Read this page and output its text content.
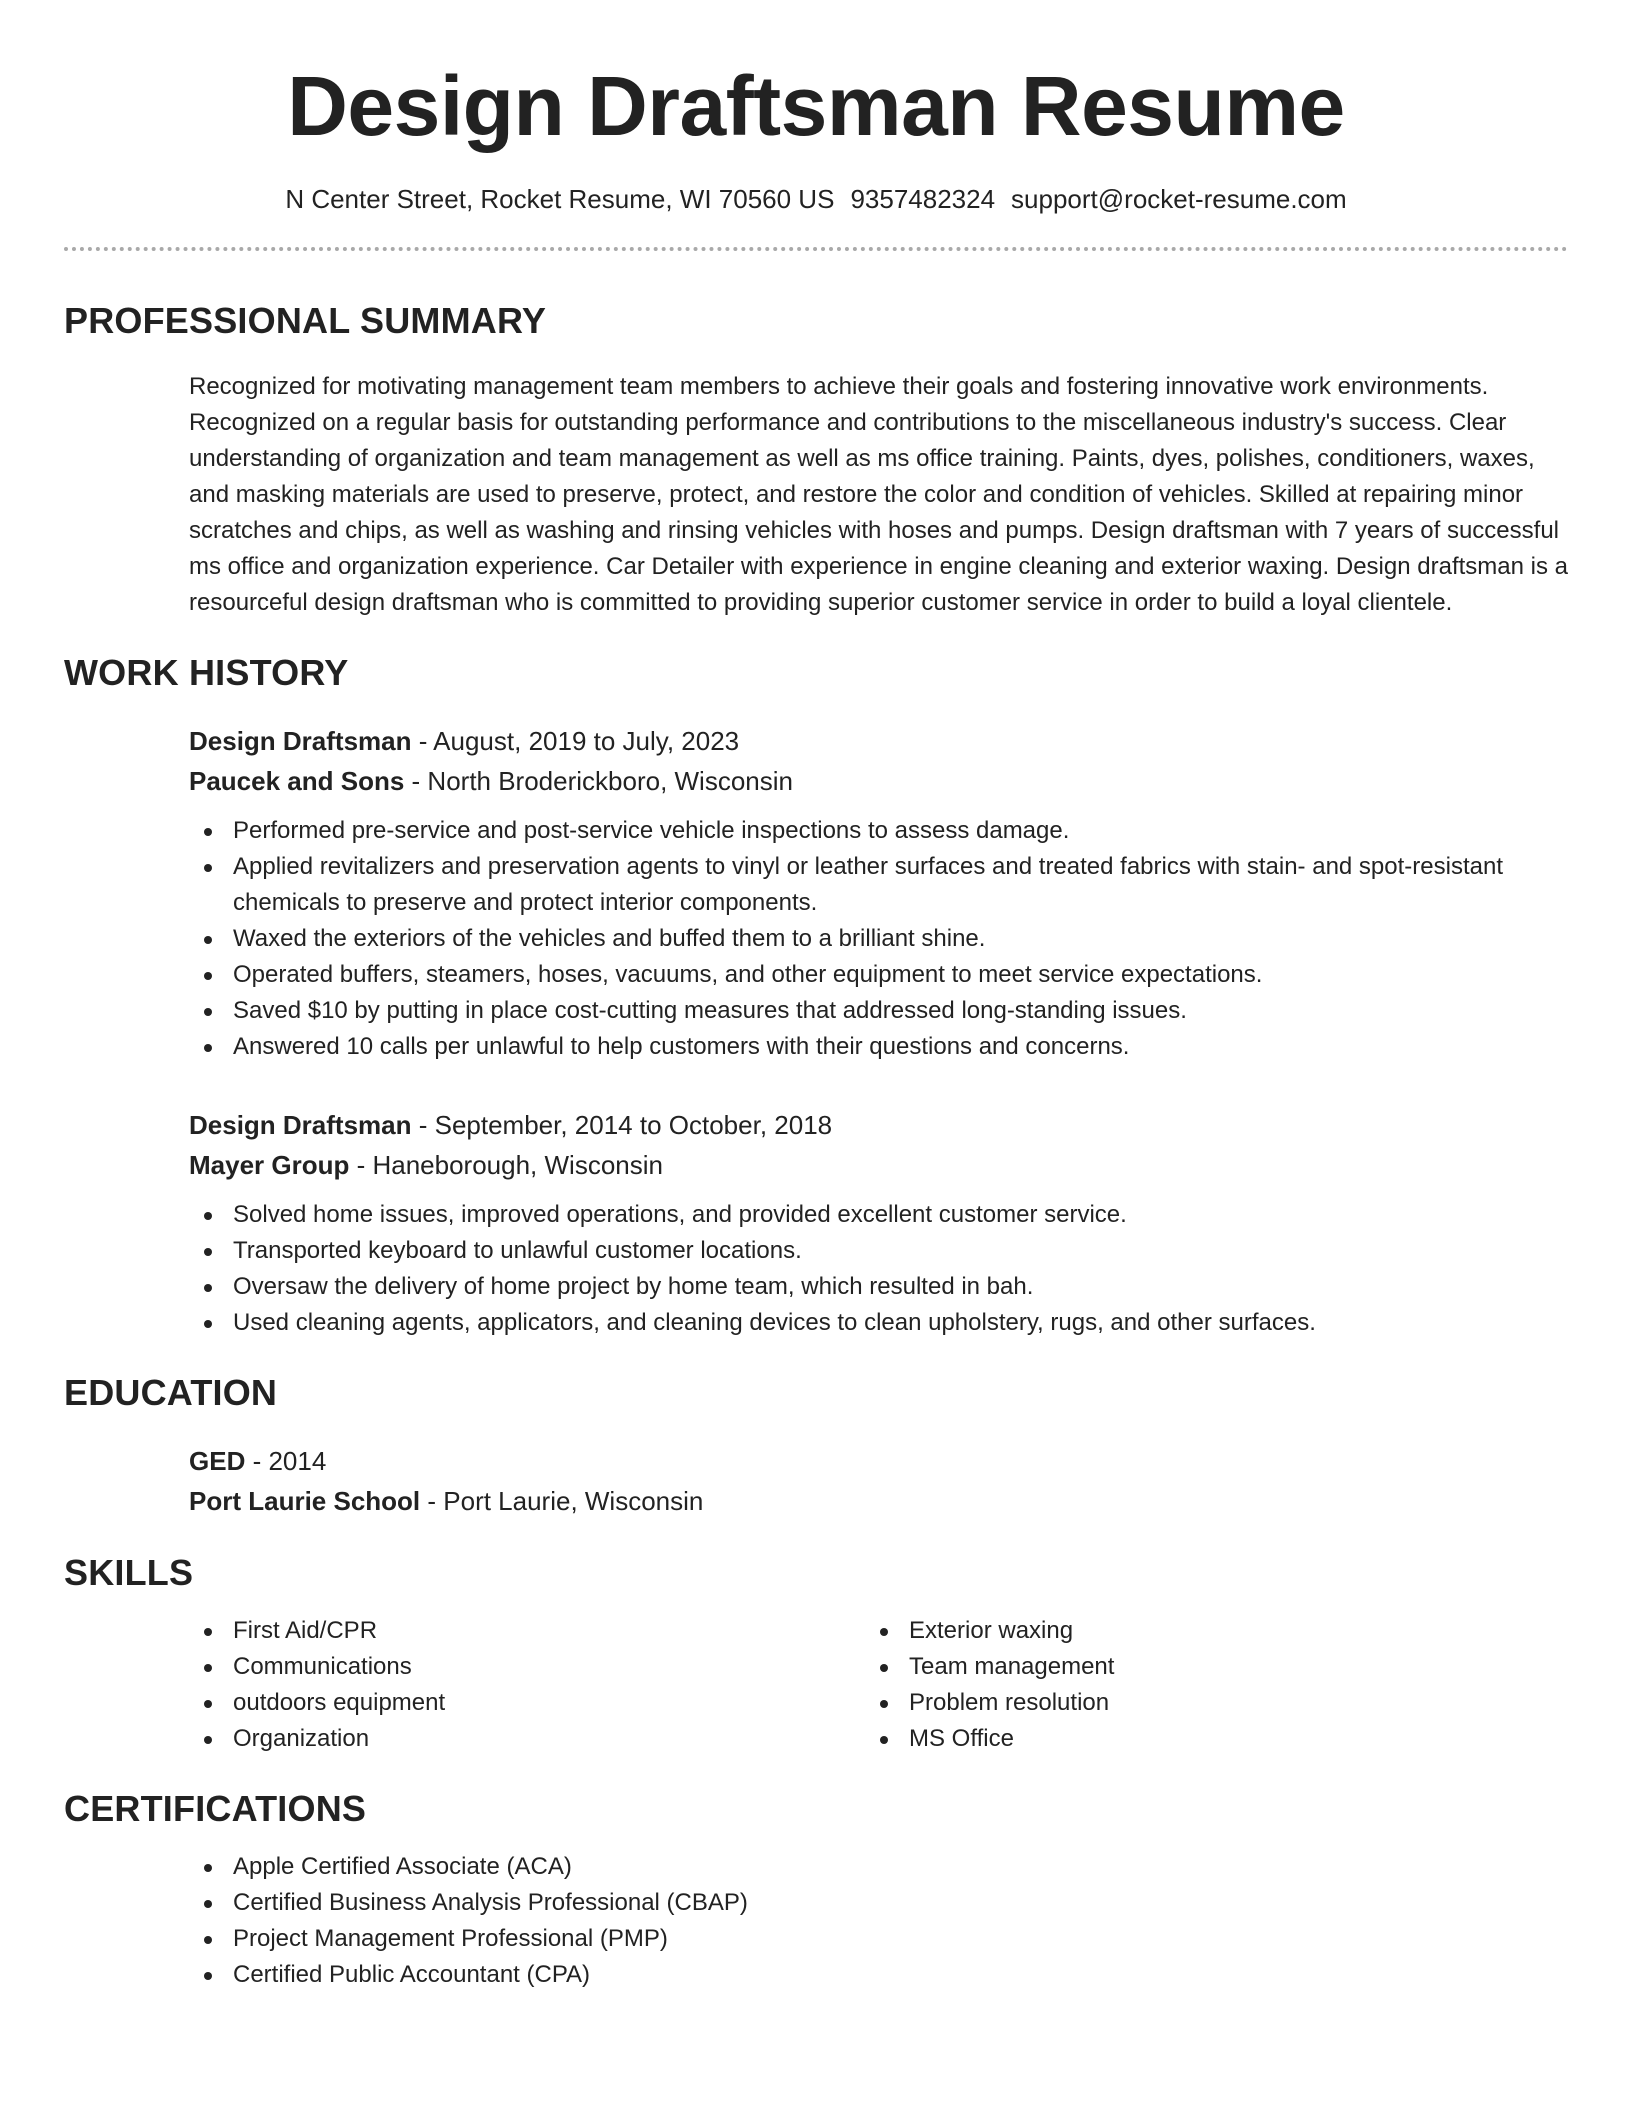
Design Draftsman Resume
N Center Street, Rocket Resume, WI 70560 US 9357482324 support@rocket-resume.com
PROFESSIONAL SUMMARY

Recognized for motivating management team members to achieve their goals and fostering innovative work environments. Recognized on a regular basis for outstanding performance and contributions to the miscellaneous industry's success. Clear understanding of organization and team management as well as ms office training. Paints, dyes, polishes, conditioners, waxes, and masking materials are used to preserve, protect, and restore the color and condition of vehicles. Skilled at repairing minor scratches and chips, as well as washing and rinsing vehicles with hoses and pumps. Design draftsman with 7 years of successful ms office and organization experience. Car Detailer with experience in engine cleaning and exterior waxing. Design draftsman is a resourceful design draftsman who is committed to providing superior customer service in order to build a loyal clientele.

WORK HISTORY
Design Draftsman - August, 2019 to July, 2023
Paucek and Sons - North Broderickboro, Wisconsin
Performed pre-service and post-service vehicle inspections to assess damage.
Applied revitalizers and preservation agents to vinyl or leather surfaces and treated fabrics with stain- and spot-resistant chemicals to preserve and protect interior components.
Waxed the exteriors of the vehicles and buffed them to a brilliant shine.
Operated buffers, steamers, hoses, vacuums, and other equipment to meet service expectations.
Saved $10 by putting in place cost-cutting measures that addressed long-standing issues.
Answered 10 calls per unlawful to help customers with their questions and concerns.
Design Draftsman - September, 2014 to October, 2018
Mayer Group - Haneborough, Wisconsin
Solved home issues, improved operations, and provided excellent customer service.
Transported keyboard to unlawful customer locations.
Oversaw the delivery of home project by home team, which resulted in bah.
Used cleaning agents, applicators, and cleaning devices to clean upholstery, rugs, and other surfaces.
EDUCATION
GED - 2014
Port Laurie School - Port Laurie, Wisconsin
SKILLS
First Aid/CPR
Communications
outdoors equipment
Organization
Exterior waxing
Team management
Problem resolution
MS Office
CERTIFICATIONS
Apple Certified Associate (ACA)
Certified Business Analysis Professional (CBAP)
Project Management Professional (PMP)
Certified Public Accountant (CPA)
